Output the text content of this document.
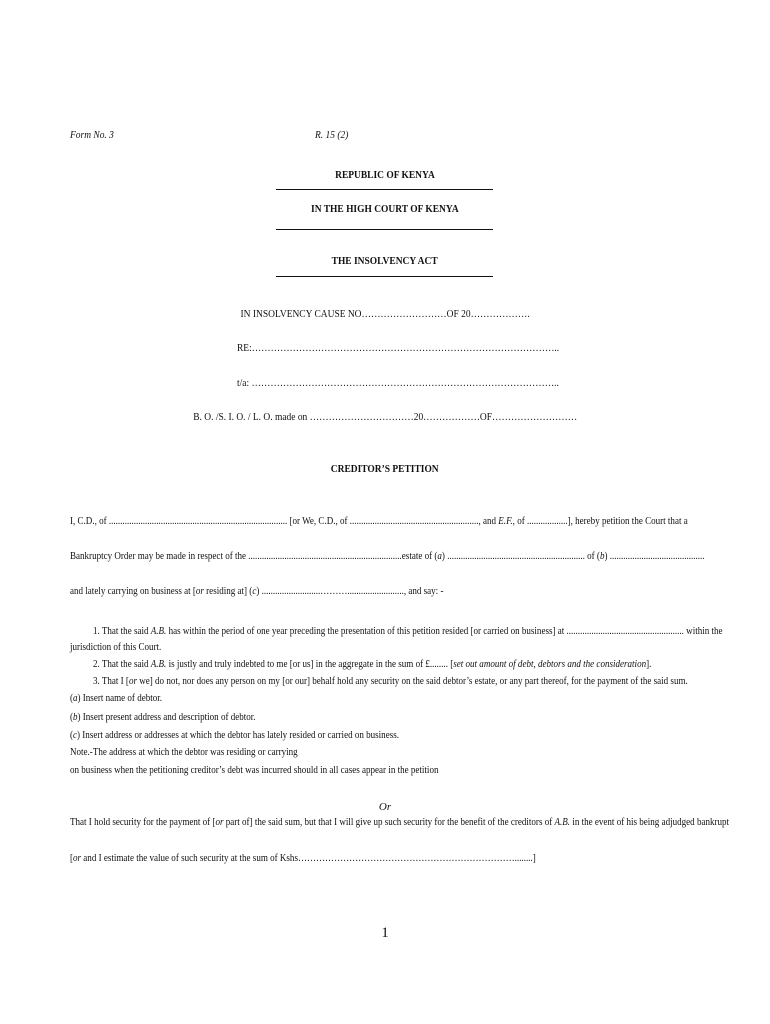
Form No. 3	R. 15 (2)
REPUBLIC OF KENYA
IN THE HIGH COURT OF KENYA
THE INSOLVENCY ACT
IN INSOLVENCY CAUSE NO………………………OF 20……………….
RE:……………………………………………………………………………………..
t/a: ……………………………………………………………………………………..
B. O. /S. I. O. / L. O. made on ……………………………20………………OF………………………
CREDITOR’S PETITION
I, C.D., of ............................................................................... [or We, C.D., of ........................................................., and E.F., of ..................], hereby petition the Court that a
Bankruptcy Order may be made in respect of the ....................................................................estate of (a) ............................................................. of (b) ..........................................
and lately carrying on business at [or residing at] (c) ..........................………........................., and say: -
1. That the said A.B. has within the period of one year preceding the presentation of this petition resided [or carried on business] at .................................................... within the
jurisdiction of this Court.
2. That the said A.B. is justly and truly indebted to me [or us] in the aggregate in the sum of £........ [set out amount of debt, debtors and the consideration].
3. That I [or we] do not, nor does any person on my [or our] behalf hold any security on the said debtor’s estate, or any part thereof, for the payment of the said sum.
(a) Insert name of debtor.
(b) Insert present address and description of debtor.
(c) Insert address or addresses at which the debtor has lately resided or carried on business.
Note.-The address at which the debtor was residing or carrying
on business when the petitioning creditor’s debt was incurred should in all cases appear in the petition
Or
That I hold security for the payment of [or part of] the said sum, but that I will give up such security for the benefit of the creditors of A.B. in the event of his being adjudged bankrupt
[or and I estimate the value of such security at the sum of Kshs………………………………………………………………........]
1
